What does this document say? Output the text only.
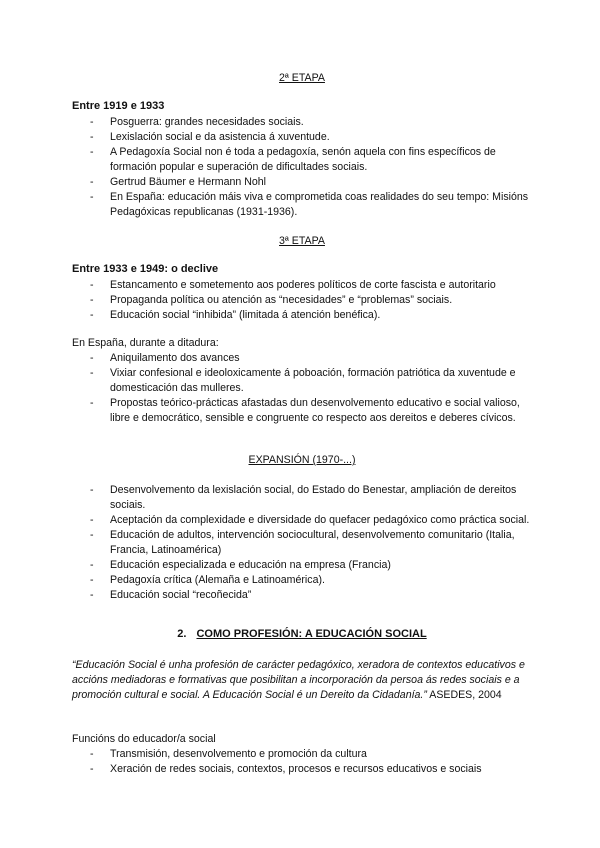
2ª ETAPA
Entre 1919 e 1933
- Posguerra: grandes necesidades sociais.
- Lexislación social e da asistencia á xuventude.
- A Pedagoxía Social non é toda a pedagoxía, senón aquela con fins específicos de formación popular e superación de dificultades sociais.
- Gertrud Bäumer e Hermann Nohl
- En España: educación máis viva e comprometida coas realidades do seu tempo: Misións Pedagóxicas republicanas (1931-1936).
3ª ETAPA
Entre 1933 e 1949: o declive
- Estancamento e sometemento aos poderes políticos de corte fascista e autoritario
- Propaganda política ou atención as “necesidades” e “problemas” sociais.
- Educación social “inhibida” (limitada á atención benéfica).
En España, durante a ditadura:
- Aniquilamento dos avances
- Vixiar confesional e ideoloxicamente á poboación, formación patriótica da xuventude e domesticación das mulleres.
- Propostas teórico-prácticas afastadas dun desenvolvemento educativo e social valioso, libre e democrático, sensible e congruente co respecto aos dereitos e deberes cívicos.
EXPANSIÓN (1970-...)
- Desenvolvemento da lexislación social, do Estado do Benestar, ampliación de dereitos sociais.
- Aceptación da complexidade e diversidade do quefacer pedagóxico como práctica social.
- Educación de adultos, intervención sociocultural, desenvolvemento comunitario (Italia, Francia, Latinoamérica)
- Educación especializada e educación na empresa (Francia)
- Pedagoxía crítica (Alemaña e Latinoamérica).
- Educación social “recoñecida”
2. COMO PROFESIÓN: A EDUCACIÓN SOCIAL
“Educación Social é unha profesión de carácter pedagóxico, xeradora de contextos educativos e accións mediadoras e formativas que posibilitan a incorporación da persoa ás redes sociais e a promoción cultural e social. A Educación Social é un Dereito da Cidadanía.” ASEDES, 2004
Funcións do educador/a social
- Transmisión, desenvolvemento e promoción da cultura
- Xeración de redes sociais, contextos, procesos e recursos educativos e sociais
